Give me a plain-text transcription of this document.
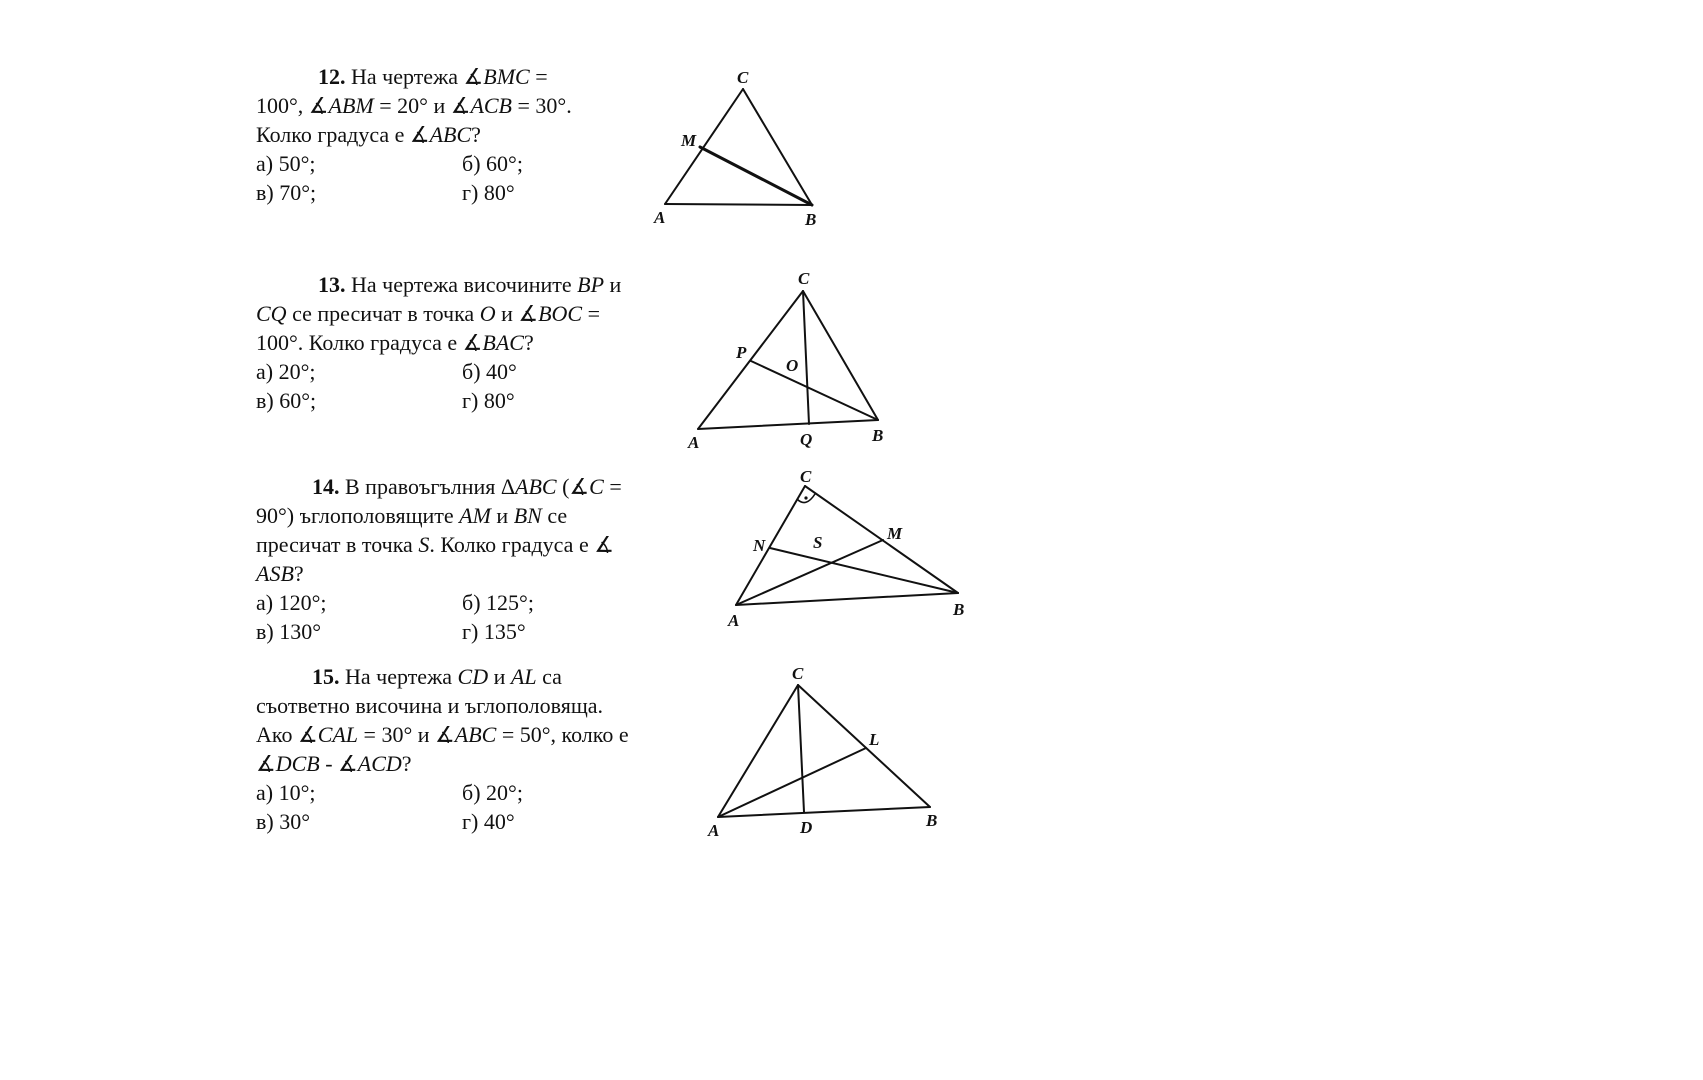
12. На чертежа ∡BMC =
100°, ∡ABM = 20° и ∡ACB = 30°.
Колко градуса е ∡ABC?
а) 50°;	б) 60°;
в) 70°;	г) 80°
C
M
A	B
13. На чертежа височините BP и
CQ се пресичат в точка O и ∡BOC =
100°. Колко градуса е ∡BAC?
а) 20°;	б) 40°
в) 60°;	г) 80°
C
P
O
A	Q	B
14. В правоъгълния ΔABC (∡C =
90°) ъглополовящите AM и BN се
пресичат в точка S. Колко градуса е ∡
ASB?
а) 120°;	б) 125°;
в) 130°	г) 135°
C
M
N	S
A
B
15. На чертежа CD и AL са
съответно височина и ъглополовяща.
Ако ∡CAL = 30° и ∡ABC = 50°, колко е
∡DCB - ∡ACD?
а) 10°;	б) 20°;
в) 30°	г) 40°
C
L
A	D	B
